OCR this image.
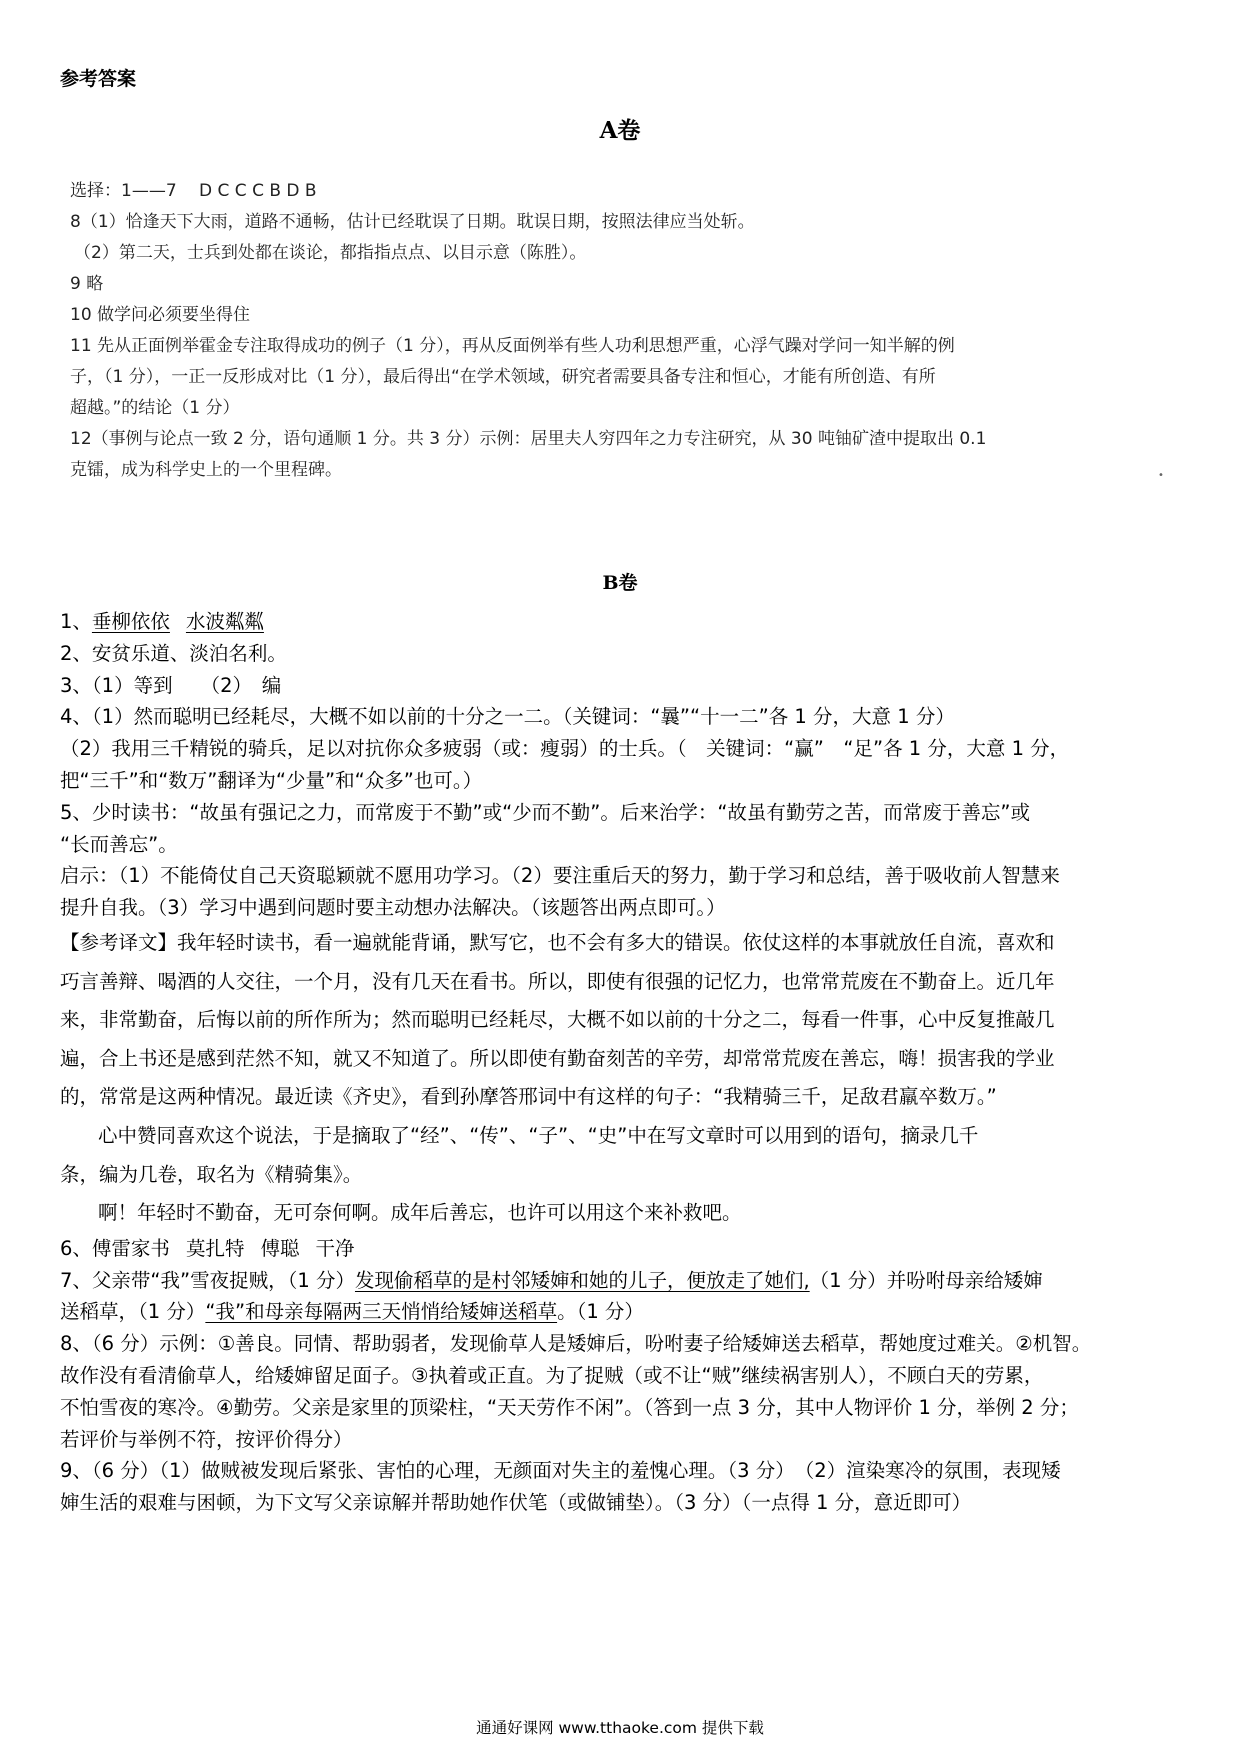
参考答案
A卷
选择：1——7　 D C C C B D B
8（1）恰逢天下大雨，道路不通畅，估计已经耽误了日期。耽误日期，按照法律应当处斩。
（2）第二天，士兵到处都在谈论，都指指点点、以目示意（陈胜）。
9 略
10 做学问必须要坐得住
11 先从正面例举霍金专注取得成功的例子（1 分），再从反面例举有些人功利思想严重，心浮气躁对学问一知半解的例
子，（1 分），一正一反形成对比（1 分），最后得出“在学术领域，研究者需要具备专注和恒心，才能有所创造、有所
超越。”的结论（1 分）
12（事例与论点一致 2 分，语句通顺 1 分。共 3 分）示例：居里夫人穷四年之力专注研究，从 30 吨铀矿渣中提取出 0.1
克镭，成为科学史上的一个里程碑。	•
B卷
1、垂柳依依 水波粼粼
2、安贫乐道、淡泊名利。
3、（1）等到 （2）　编
4、（1）然而聪明已经耗尽，大概不如以前的十分之一二。（关键词：“曩”“十一二”各 1 分，大意 1 分）
（2）我用三千精锐的骑兵，足以对抗你众多疲弱（或：瘦弱）的士兵。（　关键词：“赢”　“足”各 1 分，大意 1 分，
把“三千”和“数万”翻译为“少量”和“众多”也可。）
5、少时读书：“故虽有强记之力，而常废于不勤”或“少而不勤”。后来治学：“故虽有勤劳之苦，而常废于善忘”或
“长而善忘”。
启示：（1）不能倚仗自己天资聪颖就不愿用功学习。（2）要注重后天的努力，勤于学习和总结，善于吸收前人智慧来
提升自我。（3）学习中遇到问题时要主动想办法解决。（该题答出两点即可。）
【参考译文】我年轻时读书，看一遍就能背诵，默写它，也不会有多大的错误。依仗这样的本事就放任自流，喜欢和
巧言善辩、喝酒的人交往，一个月，没有几天在看书。所以，即使有很强的记忆力，也常常荒废在不勤奋上。近几年
来，非常勤奋，后悔以前的所作所为；然而聪明已经耗尽，大概不如以前的十分之二，每看一件事，心中反复推敲几
遍，合上书还是感到茫然不知，就又不知道了。所以即使有勤奋刻苦的辛劳，却常常荒废在善忘，嗨！损害我的学业
的，常常是这两种情况。最近读《齐史》，看到孙摩答邢词中有这样的句子：“我精骑三千，足敌君羸卒数万。”
心中赞同喜欢这个说法，于是摘取了“经”、“传”、“子”、“史”中在写文章时可以用到的语句，摘录几千
条，编为几卷，取名为《精骑集》。
啊！年轻时不勤奋，无可奈何啊。成年后善忘，也许可以用这个来补救吧。
6、傅雷家书 莫扎特 傅聪 干净
7、父亲带“我”雪夜捉贼，（1 分）发现偷稻草的是村邻矮婶和她的儿子，便放走了她们,（1 分）并吩咐母亲给矮婶
送稻草，（1 分）“我”和母亲每隔两三天悄悄给矮婶送稻草。（1 分）
8、（6 分）示例：①善良。同情、帮助弱者，发现偷草人是矮婶后，吩咐妻子给矮婶送去稻草，帮她度过难关。②机智。
故作没有看清偷草人，给矮婶留足面子。③执着或正直。为了捉贼（或不让“贼”继续祸害别人），不顾白天的劳累，
不怕雪夜的寒冷。④勤劳。父亲是家里的顶梁柱，“天天劳作不闲”。（答到一点 3 分，其中人物评价 1 分，举例 2 分；
若评价与举例不符，按评价得分）
9、（6 分）（1）做贼被发现后紧张、害怕的心理，无颜面对失主的羞愧心理。（3 分）　（2）渲染寒冷的氛围，表现矮
婶生活的艰难与困顿，为下文写父亲谅解并帮助她作伏笔（或做铺垫）。（3 分）（一点得 1 分，意近即可）
通通好课网 www.tthaoke.com 提供下载
